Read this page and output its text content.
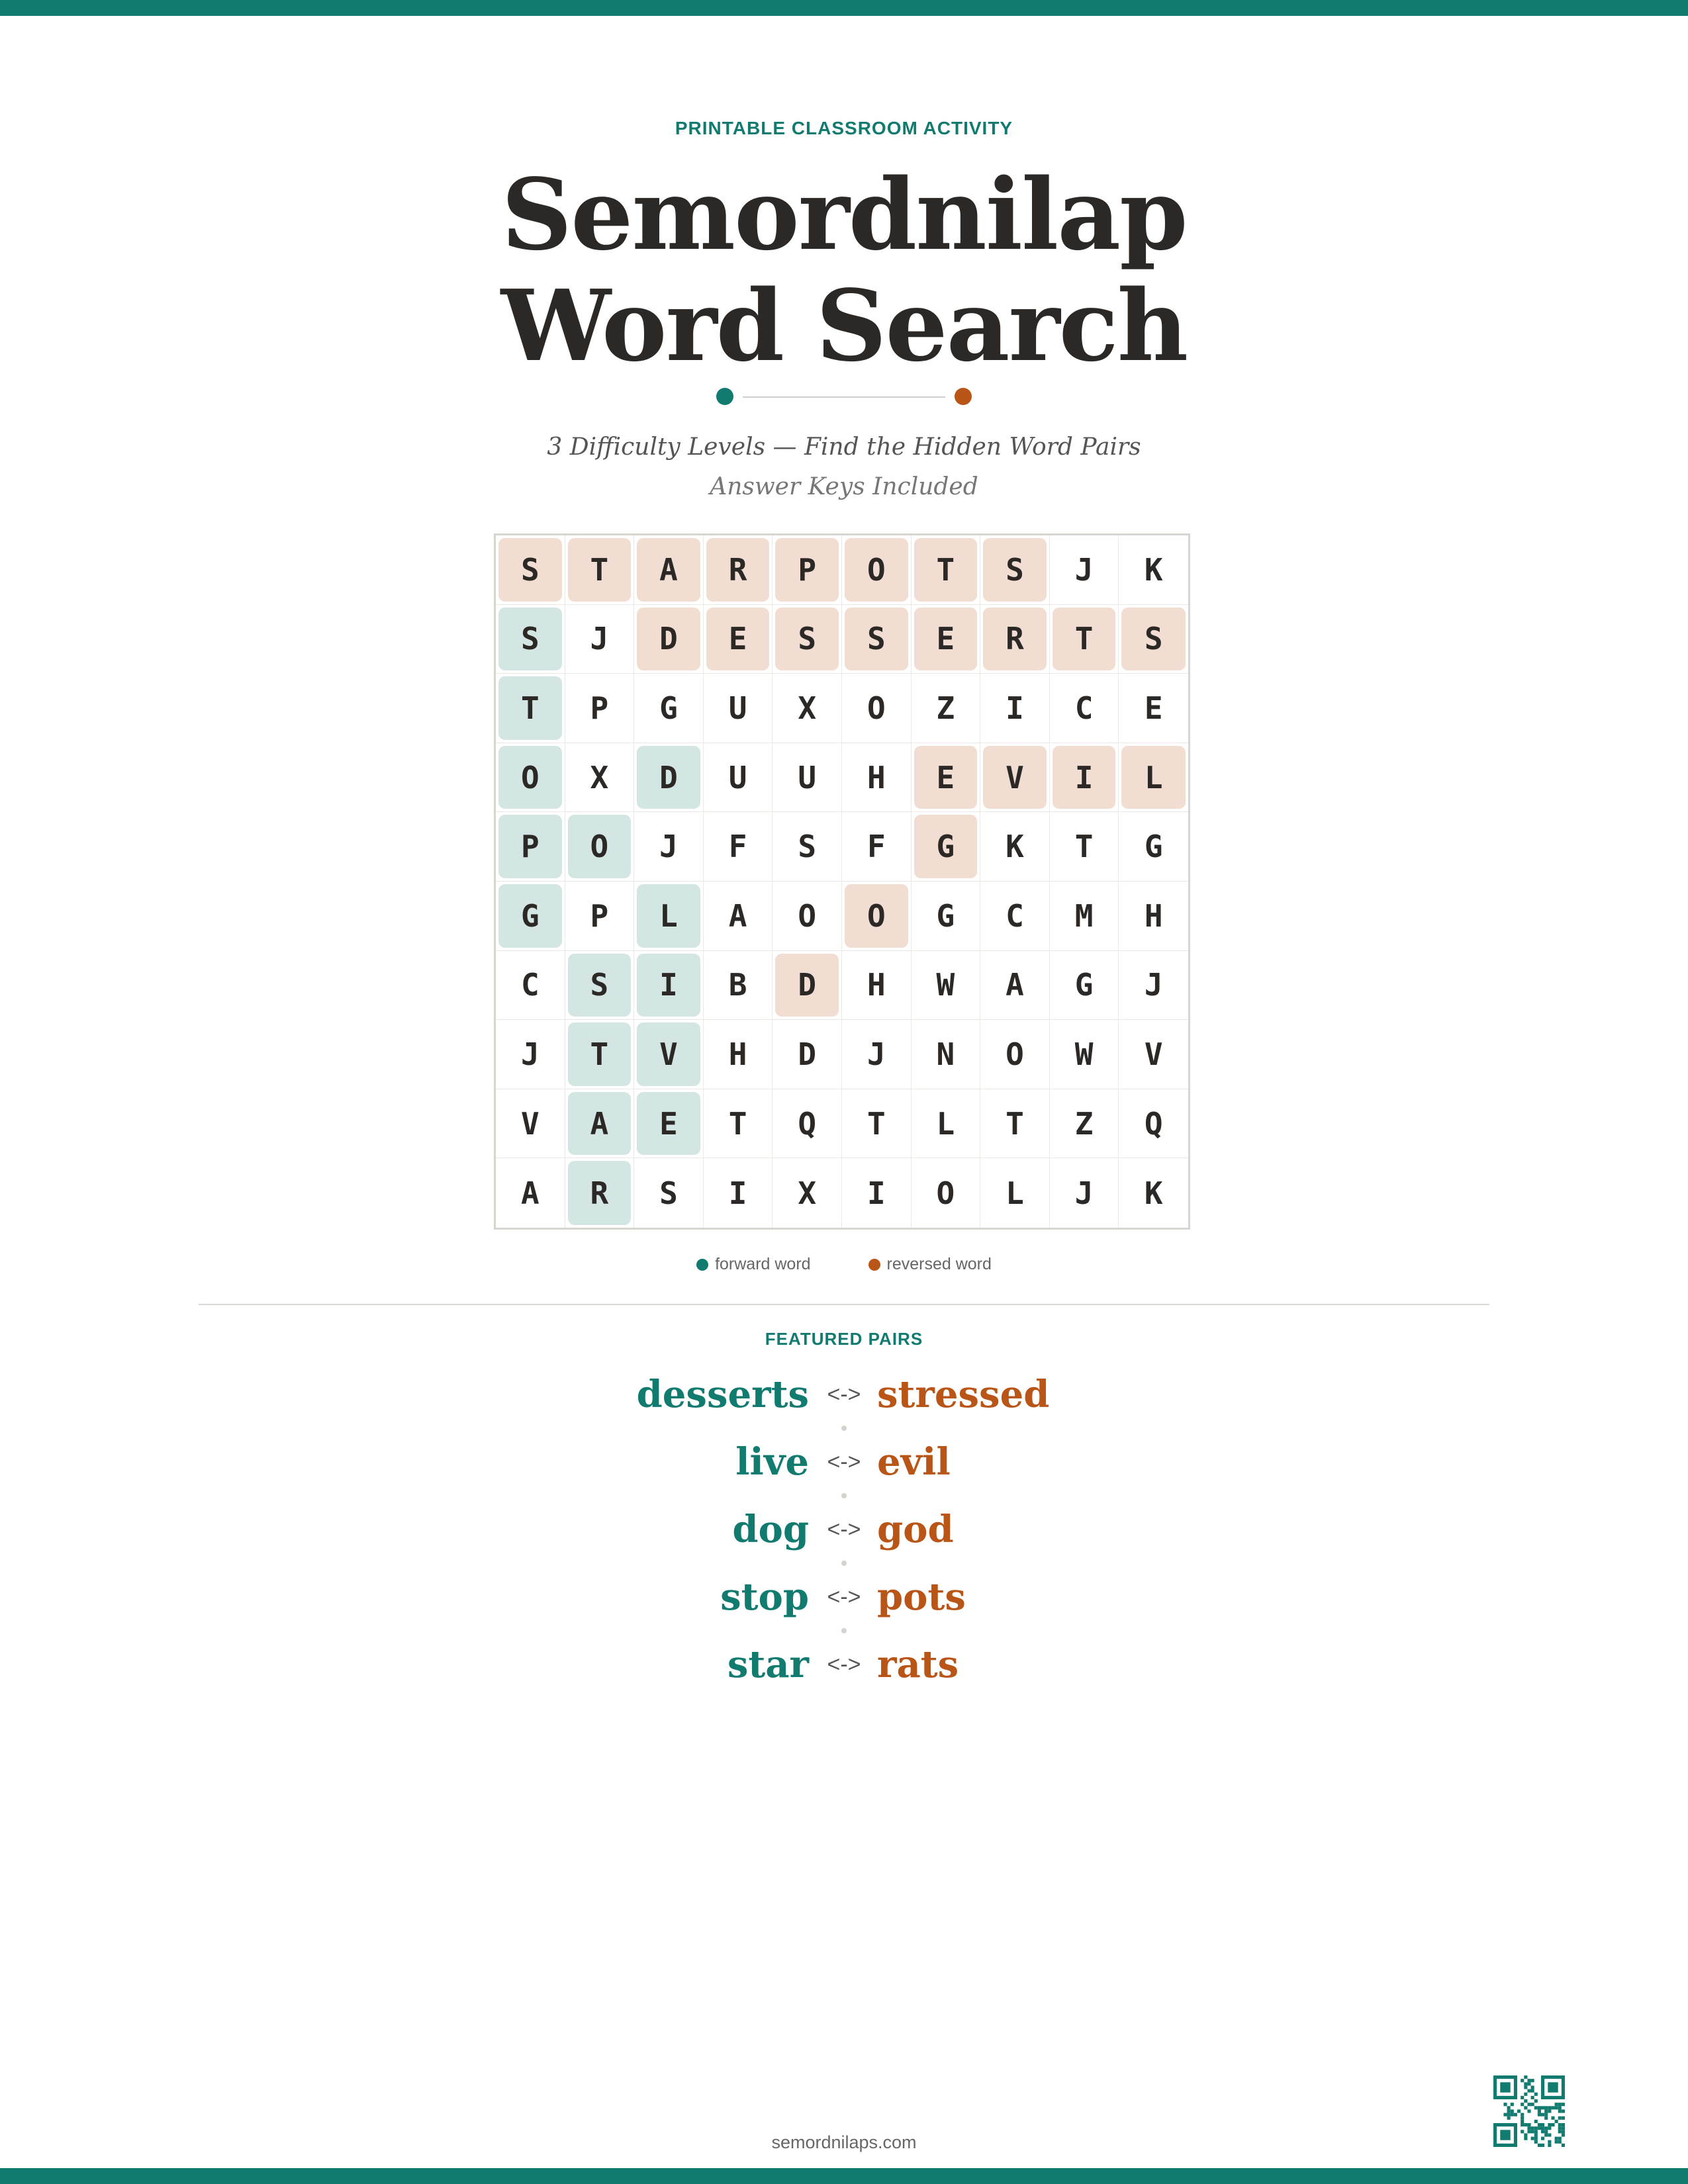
PRINTABLE CLASSROOM ACTIVITY
Semordnilap
Word Search
3 Difficulty Levels — Find the Hidden Word Pairs
Answer Keys Included
S T A R P O T S J K
S J D E S S E R T S
T P G U X O Z I C E
O X D U U H E V I L
P O J F S F G K T G
G P L A O O G C M H
C S I B D H W A G J
J T V H D J N O W V
V A E T Q T L T Z Q
A R S I X I O L J K
forward word
	reversed word
FEATURED PAIRS
desserts <-> stressed
live <-> evil
dog <-> god
stop <-> pots
star <-> rats
semordnilaps.com
